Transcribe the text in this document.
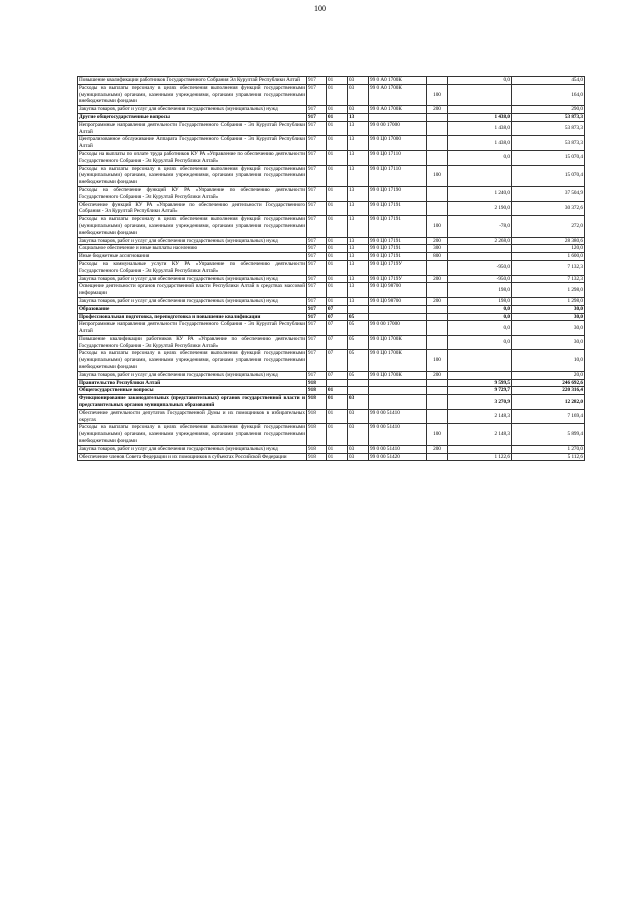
100
Повышение квалификации работников Государственного Собрания Эл Курултай Республики Алтай	917	01	03	99 0 А0 1700К		0,0	454,0
Расходы на выплаты персоналу в целях обеспечения выполнения функций государственными (муниципальными) органами, казенными учреждениями, органами управления государственными внебюджетными фондами	917	01	03	99 0 А0 1700К	100		164,0
Закупка товаров, работ и услуг для обеспечения государственных (муниципальных) нужд	917	01	03	99 0 А0 1700К	200		290,0
Другие общегосударственные вопросы	917	01	13			1 438,0	53 873,3
Непрограммные направления деятельности Государственного Собрания - Эл Курултай Республики Алтай	917	01	13	99 0 00 17000		1 438,0	53 873,3
Централизованное обслуживание Аппарата Государственного Собрания - Эл Курултай Республики Алтай	917	01	13	99 0 Ц0 17000		1 438,0	53 873,3
Расходы на выплаты по оплате труда работников КУ РА «Управление по обеспечению деятельности Государственного Собрания - Эл Курултай Республики Алтай»	917	01	13	99 0 Ц0 17110		0,0	15 070,4
Расходы на выплаты персоналу в целях обеспечения выполнения функций государственными (муниципальными) органами, казенными учреждениями, органами управления государственными внебюджетными фондами	917	01	13	99 0 Ц0 17110	100		15 070,4
Расходы на обеспечение функций КУ РА «Управление по обеспечению деятельности Государственного Собрания - Эл Курултай Республики Алтай»	917	01	13	99 0 Ц0 17190		1 240,0	37 504,9
Обеспечение функций КУ РА «Управление по обеспечению деятельности Государственного Собрания - Эл Курултай Республики Алтай»	917	01	13	99 0 Ц0 17191		2 190,0	30 372,6
Расходы на выплаты персоналу в целях обеспечения выполнения функций государственными (муниципальными) органами, казенными учреждениями, органами управления государственными внебюджетными фондами	917	01	13	99 0 Ц0 17191	100	-78,0	272,0
Закупка товаров, работ и услуг для обеспечения государственных (муниципальных) нужд	917	01	13	99 0 Ц0 17191	200	2 268,0	28 380,6
Социальное обеспечение и иные выплаты населению	917	01	13	99 0 Ц0 17191	300		120,0
Иные бюджетные ассигнования	917	01	13	99 0 Ц0 17191	800		1 600,0
Расходы на коммунальные услуги КУ РА «Управление по обеспечению деятельности Государственного Собрания - Эл Курултай Республики Алтай»	917	01	13	99 0 Ц0 1719У		-950,0	7 132,3
Закупка товаров, работ и услуг для обеспечения государственных (муниципальных) нужд	917	01	13	99 0 Ц0 1719У	200	-950,0	7 132,3
Освещение деятельности органов государственной власти Республики Алтай в средствах массовой информации	917	01	13	99 0 Ц0 98700		198,0	1 298,0
Закупка товаров, работ и услуг для обеспечения государственных (муниципальных) нужд	917	01	13	99 0 Ц0 98700	200	198,0	1 298,0
Образование	917	07				0,0	30,0
Профессиональная подготовка, переподготовка и повышение квалификации	917	07	05			0,0	30,0
Непрограммные направления деятельности Государственного Собрания - Эл Курултай Республики Алтай	917	07	05	99 0 00 17000		0,0	30,0
Повышение квалификации работников КУ РА «Управление по обеспечению деятельности Государственного Собрания - Эл Курултай Республики Алтай»	917	07	05	99 0 Ц0 1700К		0,0	30,0
Расходы на выплаты персоналу в целях обеспечения выполнения функций государственными (муниципальными) органами, казенными учреждениями, органами управления государственными внебюджетными фондами	917	07	05	99 0 Ц0 1700К	100		10,0
Закупка товаров, работ и услуг для обеспечения государственных (муниципальных) нужд	917	07	05	99 0 Ц0 1700К	200		20,0
Правительство Республики Алтай	918					9 599,5	246 692,6
Общегосударственные вопросы	918	01				9 729,7	220 316,4
Функционирование законодательных (представительных) органов государственной власти и представительных органов муниципальных образований	918	01	03			3 270,9	12 282,0
Обеспечение деятельности депутатов Государственной Думы и их помощников в избирательных округах	918	01	03	99 0 00 51410		2 148,3	7 169,4
Расходы на выплаты персоналу в целях обеспечения выполнения функций государственными (муниципальными) органами, казенными учреждениями, органами управления государственными внебюджетными фондами	918	01	03	99 0 00 51410	100	2 148,3	5 899,4
Закупка товаров, работ и услуг для обеспечения государственных (муниципальных) нужд	918	01	03	99 0 00 51410	200		1 270,0
Обеспечение членов Совета Федерации и их помощников в субъектах Российской Федерации	918	01	03	99 0 00 51420		1 122,6	5 112,6
